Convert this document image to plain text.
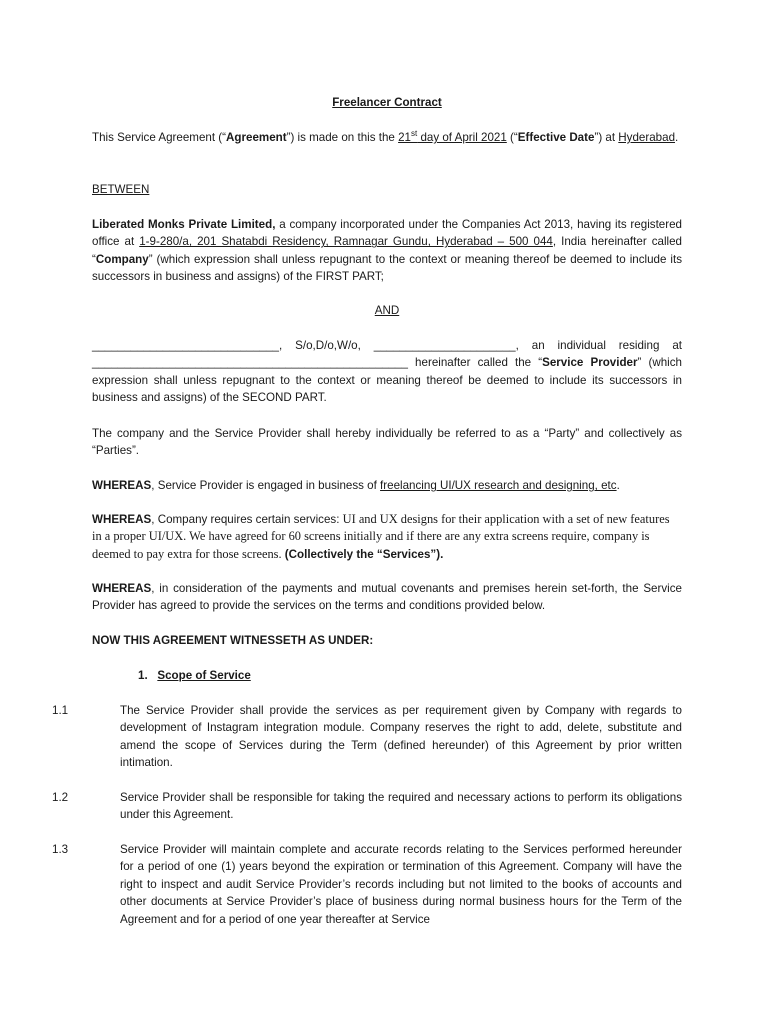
Freelancer Contract

This Service Agreement (“Agreement”) is made on this the 21st day of April 2021 (“Effective Date”) at Hyderabad.

BETWEEN

Liberated Monks Private Limited, a company incorporated under the Companies Act 2013, having its registered office at 1-9-280/a, 201 Shatabdi Residency, Ramnagar Gundu, Hyderabad – 500 044, India hereinafter called “Company” (which expression shall unless repugnant to the context or meaning thereof be deemed to include its successors in business and assigns) of the FIRST PART;

AND

_____________________________, S/o,D/o,W/o, ______________________, an individual residing at _________________________________________________ hereinafter called the “Service Provider” (which expression shall unless repugnant to the context or meaning thereof be deemed to include its successors in business and assigns) of the SECOND PART.

The company and the Service Provider shall hereby individually be referred to as a “Party” and collectively as “Parties”.

WHEREAS, Service Provider is engaged in business of freelancing UI/UX research and designing, etc.

WHEREAS, Company requires certain services: UI and UX designs for their application with a set of new features in a proper UI/UX. We have agreed for 60 screens initially and if there are any extra screens require, company is deemed to pay extra for those screens. (Collectively the “Services”).

WHEREAS, in consideration of the payments and mutual covenants and premises herein set-forth, the Service Provider has agreed to provide the services on the terms and conditions provided below.

NOW THIS AGREEMENT WITNESSETH AS UNDER:

1. Scope of Service

1.1	The Service Provider shall provide the services as per requirement given by Company with regards to development of Instagram integration module. Company reserves the right to add, delete, substitute and amend the scope of Services during the Term (defined hereunder) of this Agreement by prior written intimation.

1.2	Service Provider shall be responsible for taking the required and necessary actions to perform its obligations under this Agreement.

1.3	Service Provider will maintain complete and accurate records relating to the Services performed hereunder for a period of one (1) years beyond the expiration or termination of this Agreement. Company will have the right to inspect and audit Service Provider’s records including but not limited to the books of accounts and other documents at Service Provider’s place of business during normal business hours for the Term of the Agreement and for a period of one year thereafter at Service
